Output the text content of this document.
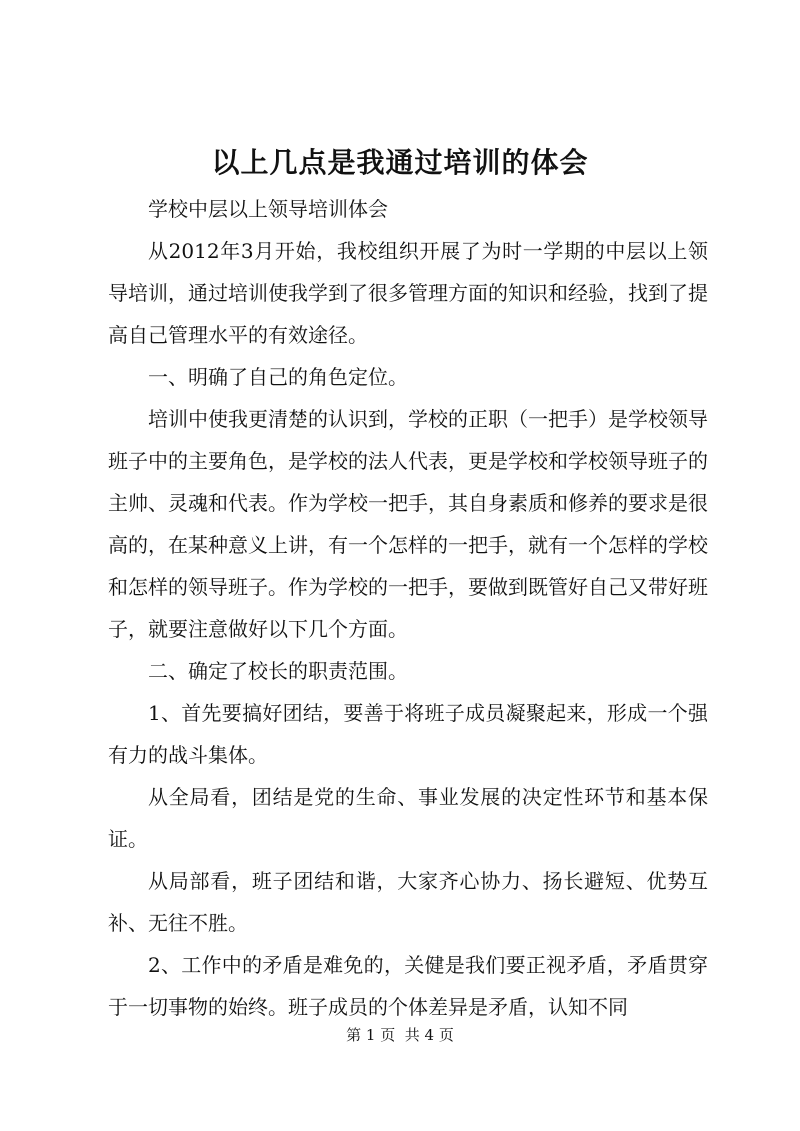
以上几点是我通过培训的体会

学校中层以上领导培训体会

从2012年3月开始，我校组织开展了为时一学期的中层以上领导培训，通过培训使我学到了很多管理方面的知识和经验，找到了提高自己管理水平的有效途径。

一、明确了自己的角色定位。

培训中使我更清楚的认识到，学校的正职（一把手）是学校领导班子中的主要角色，是学校的法人代表，更是学校和学校领导班子的主帅、灵魂和代表。作为学校一把手，其自身素质和修养的要求是很高的，在某种意义上讲，有一个怎样的一把手，就有一个怎样的学校和怎样的领导班子。作为学校的一把手，要做到既管好自己又带好班子，就要注意做好以下几个方面。

二、确定了校长的职责范围。

1、首先要搞好团结，要善于将班子成员凝聚起来，形成一个强有力的战斗集体。

从全局看，团结是党的生命、事业发展的决定性环节和基本保证。

从局部看，班子团结和谐，大家齐心协力、扬长避短、优势互补、无往不胜。

2、工作中的矛盾是难免的，关健是我们要正视矛盾，矛盾贯穿于一切事物的始终。班子成员的个体差异是矛盾，认知不同

第 1 页  共 4 页
